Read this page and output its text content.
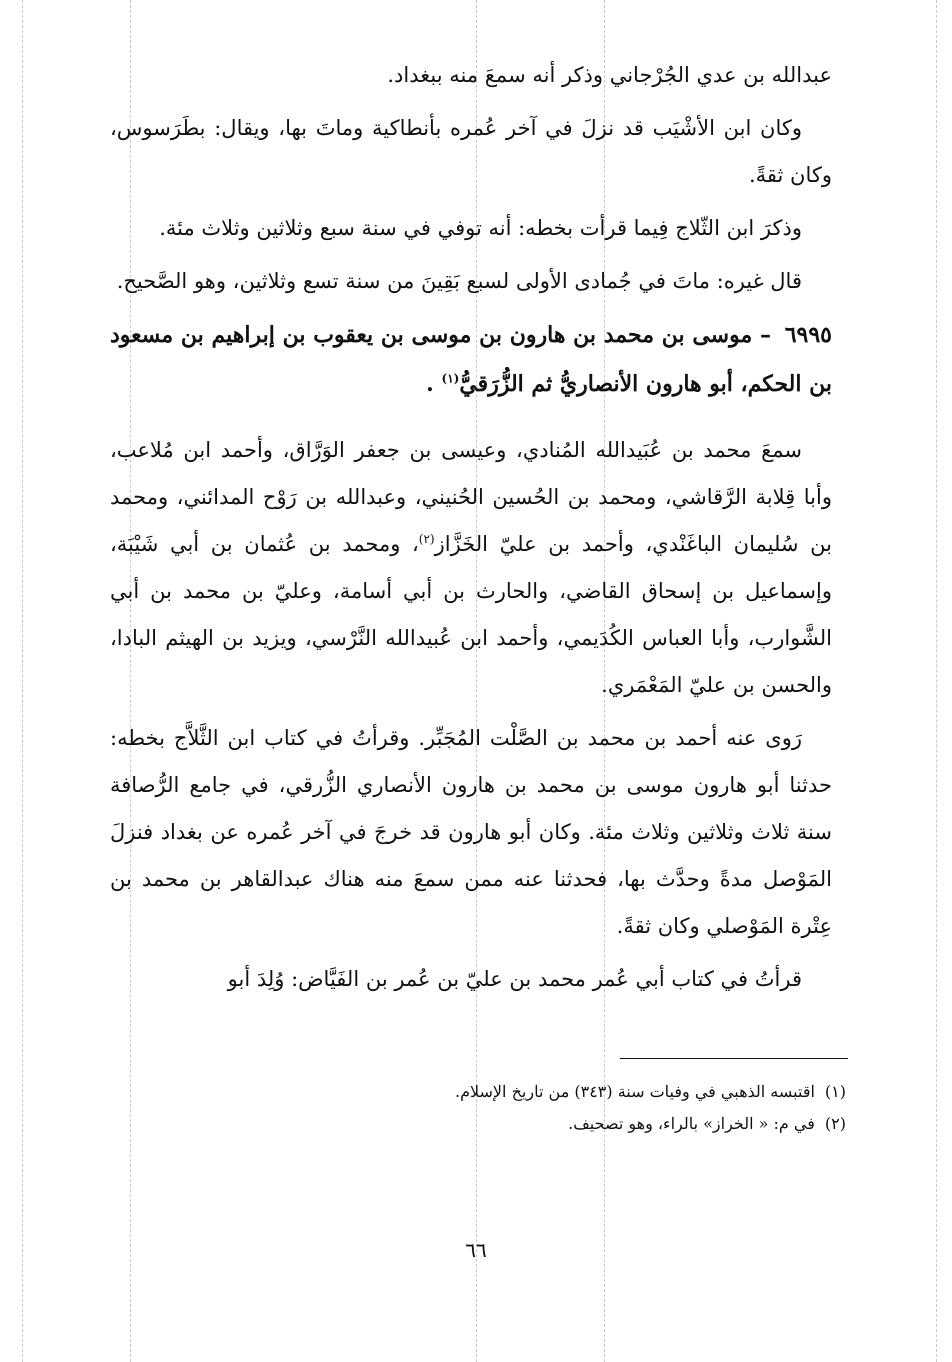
عبدالله بن عدي الجُرْجاني وذكر أنه سمعَ منه ببغداد.

وكان ابن الأشْيَب قد نزلَ في آخر عُمره بأنطاكية وماتَ بها، ويقال: بطَرَسوس، وكان ثقةً.

وذكرَ ابن الثّلاج فِيما قرأت بخطه: أنه توفي في سنة سبع وثلاثين وثلاث مئة.

قال غيره: ماتَ في جُمادى الأولى لسبع بَقِينَ من سنة تسع وثلاثين، وهو الصَّحيح.

٦٩٩٥ – موسى بن محمد بن هارون بن موسى بن يعقوب بن إبراهيم بن مسعود بن الحكم، أبو هارون الأنصاريُّ ثم الزُّرَقيُّ$^{(١)}$ .

سمعَ محمد بن عُبَيدالله المُنادي، وعيسى بن جعفر الوَرَّاق، وأحمد ابن مُلاعب، وأبا قِلابة الرَّقاشي، ومحمد بن الحُسين الحُنيني، وعبدالله بن رَوْح المدائني، ومحمد بن سُليمان الباغَنْدي، وأحمد بن عليّ الخَزَّاز$^{(٢)}$، ومحمد بن عُثمان بن أبي شَيْبَة، وإسماعيل بن إسحاق القاضي، والحارث بن أبي أسامة، وعليّ بن محمد بن أبي الشَّوارب، وأبا العباس الكُدَيمي، وأحمد ابن عُبيدالله النَّرْسي، ويزيد بن الهيثم البادا، والحسن بن عليّ المَعْمَري.

رَوى عنه أحمد بن محمد بن الصَّلْت المُجَبِّر. وقرأتُ في كتاب ابن الثَّلاَّج بخطه: حدثنا أبو هارون موسى بن محمد بن هارون الأنصاري الزُّرقي، في جامع الرُّصافة سنة ثلاث وثلاثين وثلاث مئة. وكان أبو هارون قد خرجَ في آخر عُمره عن بغداد فنزلَ المَوْصل مدةً وحدَّث بها، فحدثنا عنه ممن سمعَ منه هناك عبدالقاهر بن محمد بن عِتْرة المَوْصلي وكان ثقةً.

قرأتُ في كتاب أبي عُمر محمد بن عليّ بن عُمر بن الفَيَّاض: وُلِدَ أبو

(١)اقتبسه الذهبي في وفيات سنة (٣٤٣) من تاريخ الإسلام.

(٢)في م: « الخراز» بالراء، وهو تصحيف.

٦٦
